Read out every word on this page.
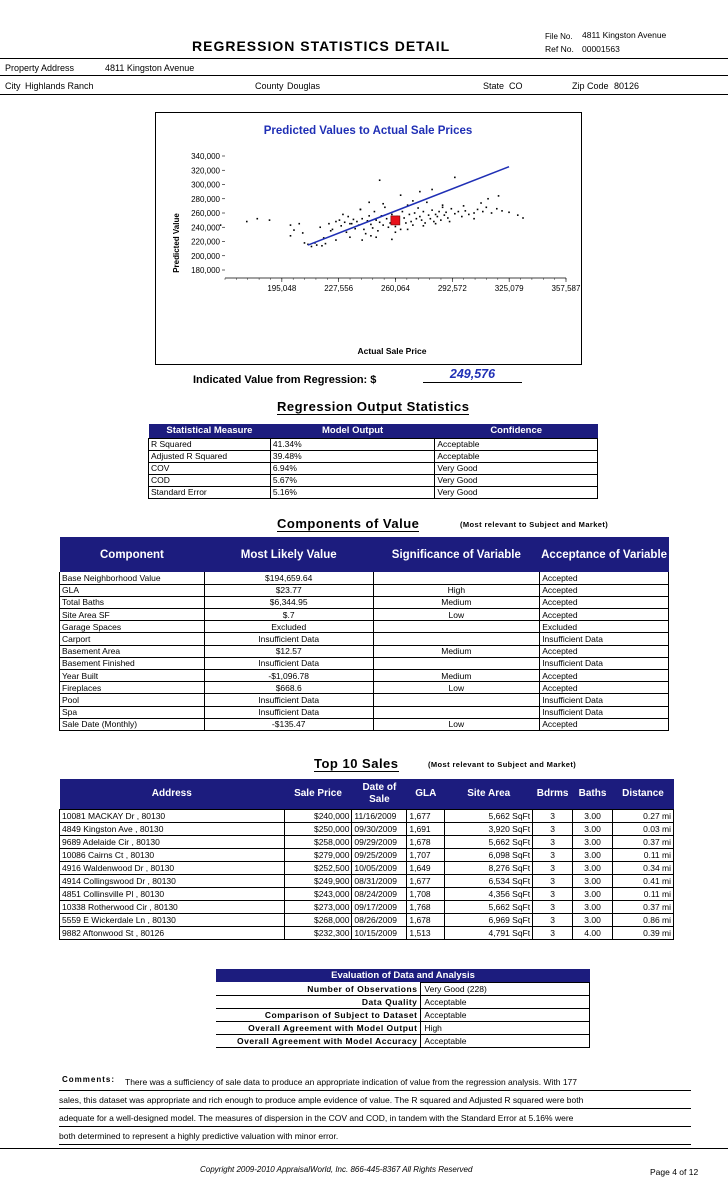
REGRESSION STATISTICS DETAIL
File No. 4811 Kingston Avenue
Ref No. 00001563
Property Address	4811 Kingston Avenue
City Highlands Ranch	County Douglas	State CO	Zip Code 80126
Predicted Values to Actual Sale Prices
Predicted Value
Actual Sale Price
340,000
320,000
300,000
280,000
260,000
240,000
220,000
200,000
180,000
195,048	227,556	260,064	292,572	325,079	357,587
Indicated Value from Regression: $	249,576
Regression Output Statistics
Statistical Measure	Model Output	Confidence
R Squared	41.34%	Acceptable
Adjusted R Squared	39.48%	Acceptable
COV	6.94%	Very Good
COD	5.67%	Very Good
Standard Error	5.16%	Very Good
Components of Value	(Most relevant to Subject and Market)
Component	Most Likely Value	Significance of Variable	Acceptance of Variable
Base Neighborhood Value	$194,659.64		Accepted
GLA	$23.77	High	Accepted
Total Baths	$6,344.95	Medium	Accepted
Site Area SF	$.7	Low	Accepted
Garage Spaces	Excluded		Excluded
Carport	Insufficient Data		Insufficient Data
Basement Area	$12.57	Medium	Accepted
Basement Finished	Insufficient Data		Insufficient Data
Year Built	-$1,096.78	Medium	Accepted
Fireplaces	$668.6	Low	Accepted
Pool	Insufficient Data		Insufficient Data
Spa	Insufficient Data		Insufficient Data
Sale Date (Monthly)	-$135.47	Low	Accepted
Top 10 Sales	(Most relevant to Subject and Market)
Address	Sale Price	Date of Sale	GLA	Site Area	Bdrms	Baths	Distance
10081 MACKAY Dr , 80130	$240,000	11/16/2009	1,677	5,662 SqFt	3	3.00	0.27 mi
4849 Kingston Ave , 80130	$250,000	09/30/2009	1,691	3,920 SqFt	3	3.00	0.03 mi
9689 Adelaide Cir , 80130	$258,000	09/29/2009	1,678	5,662 SqFt	3	3.00	0.37 mi
10086 Cairns Ct , 80130	$279,000	09/25/2009	1,707	6,098 SqFt	3	3.00	0.11 mi
4916 Waldenwood Dr , 80130	$252,500	10/05/2009	1,649	8,276 SqFt	3	3.00	0.34 mi
4914 Collingswood Dr , 80130	$249,900	08/31/2009	1,677	6,534 SqFt	3	3.00	0.41 mi
4851 Collinsville Pl , 80130	$243,000	08/24/2009	1,708	4,356 SqFt	3	3.00	0.11 mi
10338 Rotherwood Cir , 80130	$273,000	09/17/2009	1,768	5,662 SqFt	3	3.00	0.37 mi
5559 E Wickerdale Ln , 80130	$268,000	08/26/2009	1,678	6,969 SqFt	3	3.00	0.86 mi
9882 Aftonwood St , 80126	$232,300	10/15/2009	1,513	4,791 SqFt	3	4.00	0.39 mi
Evaluation of Data and Analysis
Number of Observations	Very Good (228)
Data Quality	Acceptable
Comparison of Subject to Dataset	Acceptable
Overall Agreement with Model Output	High
Overall Agreement with Model Accuracy	Acceptable
Comments:	There was a sufficiency of sale data to produce an appropriate indication of value from the regression analysis. With 177
sales, this dataset was appropriate and rich enough to produce ample evidence of value. The R squared and Adjusted R squared were both
adequate for a well-designed model. The measures of dispersion in the COV and COD, in tandem with the Standard Error at 5.16% were
both determined to represent a highly predictive valuation with minor error.
Copyright 2009-2010 AppraisalWorld, Inc. 866-445-8367 All Rights Reserved	Page 4 of 12
